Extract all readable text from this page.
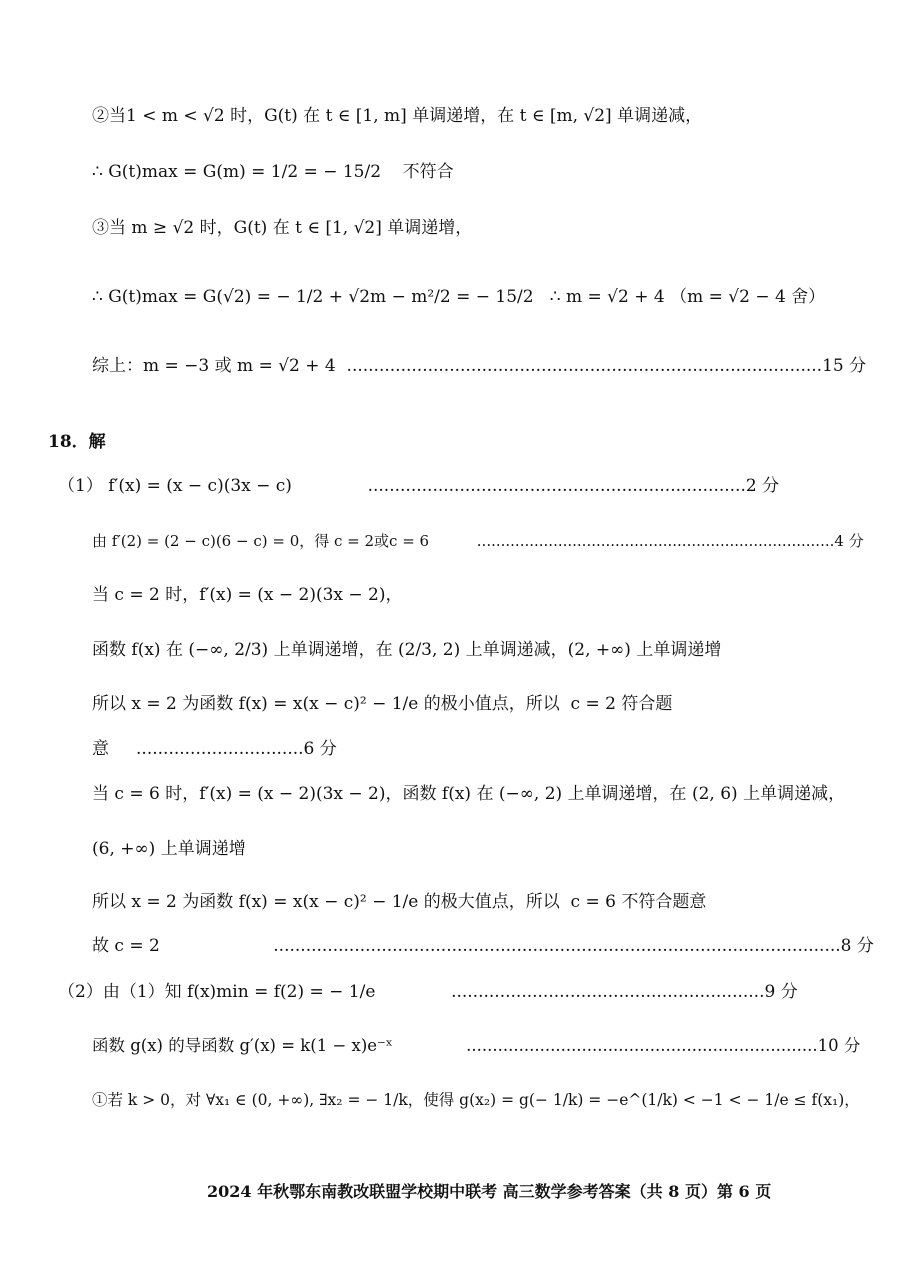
②当1 < m < √2 时，G(t) 在 t ∈ [1, m] 单调递增，在 t ∈ [m, √2] 单调递减，
∴ G(t)max = G(m) = 1/2 = − 15/2    不符合
③当 m ≥ √2 时，G(t) 在 t ∈ [1, √2] 单调递增，
∴ G(t)max = G(√2) = − 1/2 + √2m − m²/2 = − 15/2   ∴ m = √2 + 4 （m = √2 − 4 舍）
综上：m = −3 或 m = √2 + 4  ........................................................................................15 分
18．解
（1） f′(x) = (x − c)(3x − c)              ......................................................................2 分
由 f′(2) = (2 − c)(6 − c) = 0，得 c = 2或c = 6          ...........................................................................4 分
当 c = 2 时，f′(x) = (x − 2)(3x − 2)，
函数 f(x) 在 (−∞, 2/3) 上单调递增，在 (2/3, 2) 上单调递减，(2, +∞) 上单调递增
所以 x = 2 为函数 f(x) = x(x − c)² − 1/e 的极小值点，所以  c = 2 符合题
意     ...............................6 分
当 c = 6 时，f′(x) = (x − 2)(3x − 2)，函数 f(x) 在 (−∞, 2) 上单调递增，在 (2, 6) 上单调递减，
(6, +∞) 上单调递增
所以 x = 2 为函数 f(x) = x(x − c)² − 1/e 的极大值点，所以  c = 6 不符合题意
故 c = 2                     .........................................................................................................8 分
（2）由（1）知 f(x)min = f(2) = − 1/e              ..........................................................9 分
函数 g(x) 的导函数 g′(x) = k(1 − x)e⁻ˣ              ...................................................................10 分
①若 k > 0，对 ∀x₁ ∈ (0, +∞), ∃x₂ = − 1/k，使得 g(x₂) = g(− 1/k) = −e^(1/k) < −1 < − 1/e ≤ f(x₁)，
2024 年秋鄂东南教改联盟学校期中联考 高三数学参考答案（共 8 页）第 6 页
